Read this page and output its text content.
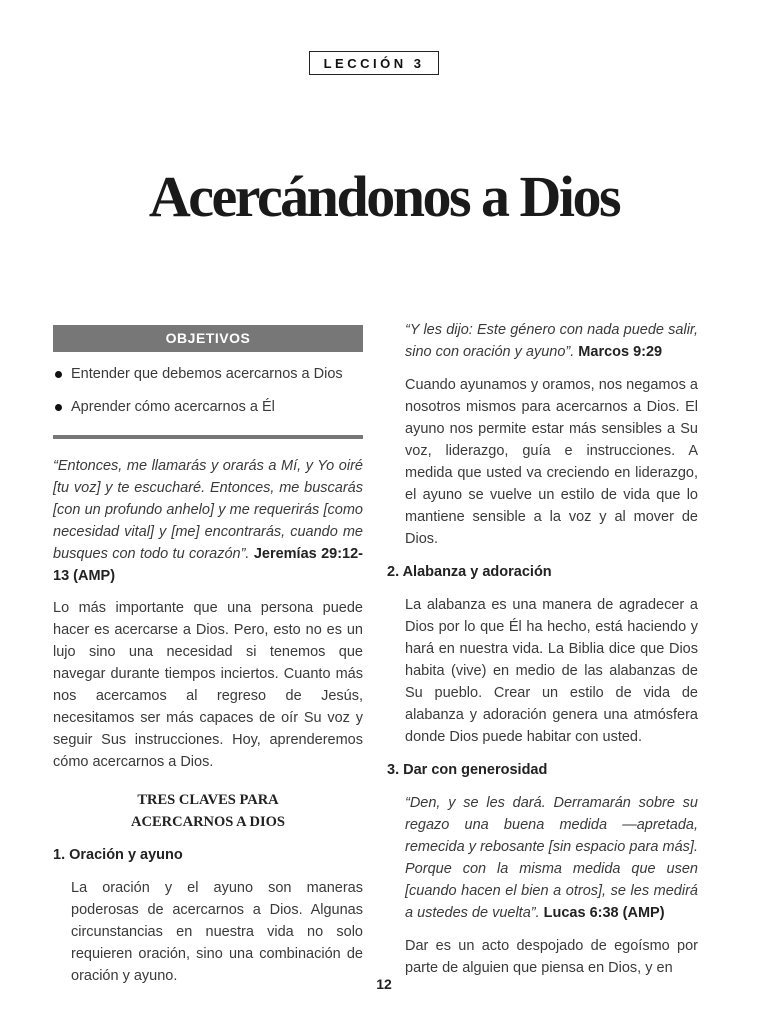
LECCIÓN 3
Acercándonos a Dios
OBJETIVOS
Entender que debemos acercarnos a Dios
Aprender cómo acercarnos a Él

“Entonces, me llamarás y orarás a Mí, y Yo oiré [tu voz] y te escucharé. Entonces, me buscarás [con un profundo anhelo] y me requerirás [como necesidad vital] y [me] encontrarás, cuando me busques con todo tu corazón”. Jeremías 29:12-13 (AMP)

Lo más importante que una persona puede hacer es acercarse a Dios. Pero, esto no es un lujo sino una necesidad si tenemos que navegar durante tiempos inciertos. Cuanto más nos acercamos al regreso de Jesús, necesitamos ser más capaces de oír Su voz y seguir Sus instrucciones. Hoy, aprenderemos cómo acercarnos a Dios.

TRES CLAVES PARA
ACERCARNOS A DIOS
1. Oración y ayuno

La oración y el ayuno son maneras poderosas de acercarnos a Dios. Algunas circunstancias en nuestra vida no solo requieren oración, sino una combinación de oración y ayuno.

“Y les dijo: Este género con nada puede salir, sino con oración y ayuno”. Marcos 9:29

Cuando ayunamos y oramos, nos negamos a nosotros mismos para acercarnos a Dios. El ayuno nos permite estar más sensibles a Su voz, liderazgo, guía e instrucciones. A medida que usted va creciendo en liderazgo, el ayuno se vuelve un estilo de vida que lo mantiene sensible a la voz y al mover de Dios.

2. Alabanza y adoración

La alabanza es una manera de agradecer a Dios por lo que Él ha hecho, está haciendo y hará en nuestra vida. La Biblia dice que Dios habita (vive) en medio de las alabanzas de Su pueblo. Crear un estilo de vida de alabanza y adoración genera una atmósfera donde Dios puede habitar con usted.

3. Dar con generosidad

“Den, y se les dará. Derramarán sobre su regazo una buena medida —apretada, remecida y rebosante [sin espacio para más]. Porque con la misma medida que usen [cuando hacen el bien a otros], se les medirá a ustedes de vuelta”. Lucas 6:38 (AMP)

Dar es un acto despojado de egoísmo por parte de alguien que piensa en Dios, y en

12
